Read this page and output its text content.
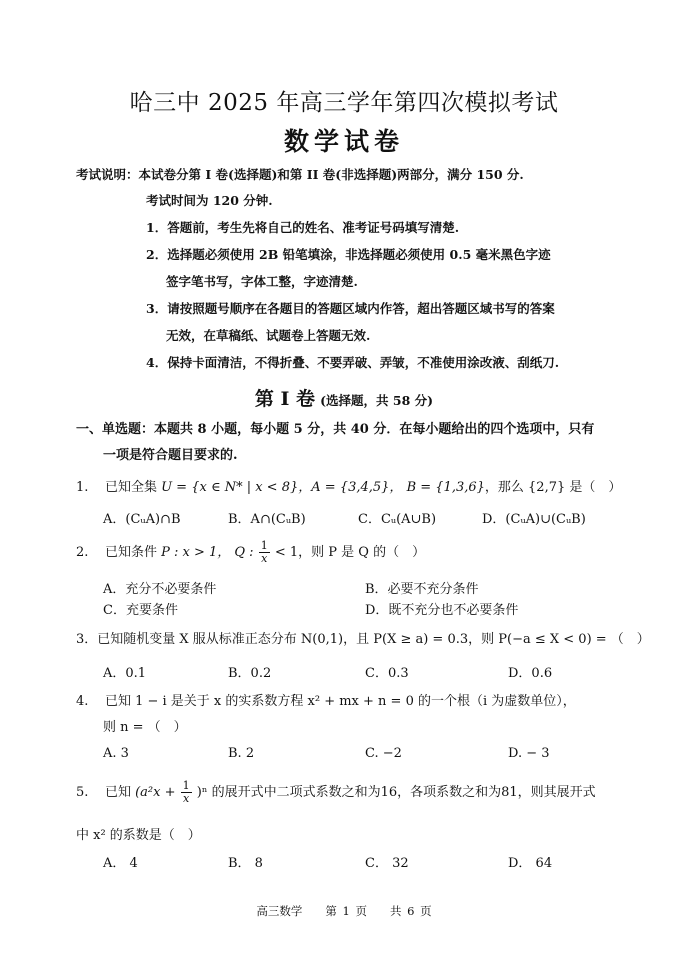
哈三中 2025 年高三学年第四次模拟考试
数学试卷
考试说明：本试卷分第 I 卷(选择题)和第 II 卷(非选择题)两部分，满分 150 分.
考试时间为 120 分钟.
1．答题前，考生先将自己的姓名、准考证号码填写清楚.
2．选择题必须使用 2B 铅笔填涂，非选择题必须使用 0.5 毫米黑色字迹
签字笔书写，字体工整，字迹清楚.
3．请按照题号顺序在各题目的答题区域内作答，超出答题区域书写的答案
无效，在草稿纸、试题卷上答题无效.
4．保持卡面清洁，不得折叠、不要弄破、弄皱，不准使用涂改液、刮纸刀.
第 I 卷 (选择题，共 58 分)
一、单选题：本题共 8 小题，每小题 5 分，共 40 分．在每小题给出的四个选项中，只有
一项是符合题目要求的.
1. 已知全集 U = {x ∈ N* | x < 8}，A = {3,4,5}， B = {1,3,6}，那么 {2,7} 是（　）
A．(CᵤA)∩B	B．A∩(CᵤB)	C．Cᵤ(A∪B)	D．(CᵤA)∪(CᵤB)
2. 已知条件 P : x > 1， Q : $\frac{1}{x} < 1$，则 P 是 Q 的（　）
A．充分不必要条件	B．必要不充分条件
C．充要条件	D．既不充分也不必要条件
3．已知随机变量 X 服从标准正态分布 N(0,1)，且 P(X ≥ a) = 0.3，则 P(−a ≤ X < 0) = （　）
A．0.1	B．0.2	C．0.3	D．0.6
4. 已知 1 − i 是关于 x 的实系数方程 x² + mx + n = 0 的一个根（i 为虚数单位），
则 n = （　）
A. 3	B. 2	C. −2	D. − 3
5. 已知 $(a^2x + \frac{1}{x} )^n$ 的展开式中二项式系数之和为16，各项系数之和为81，则其展开式
中 x² 的系数是（　）
A． 4	B． 8	C． 32	D． 64
高三数学　　第 1 页　　共 6 页
